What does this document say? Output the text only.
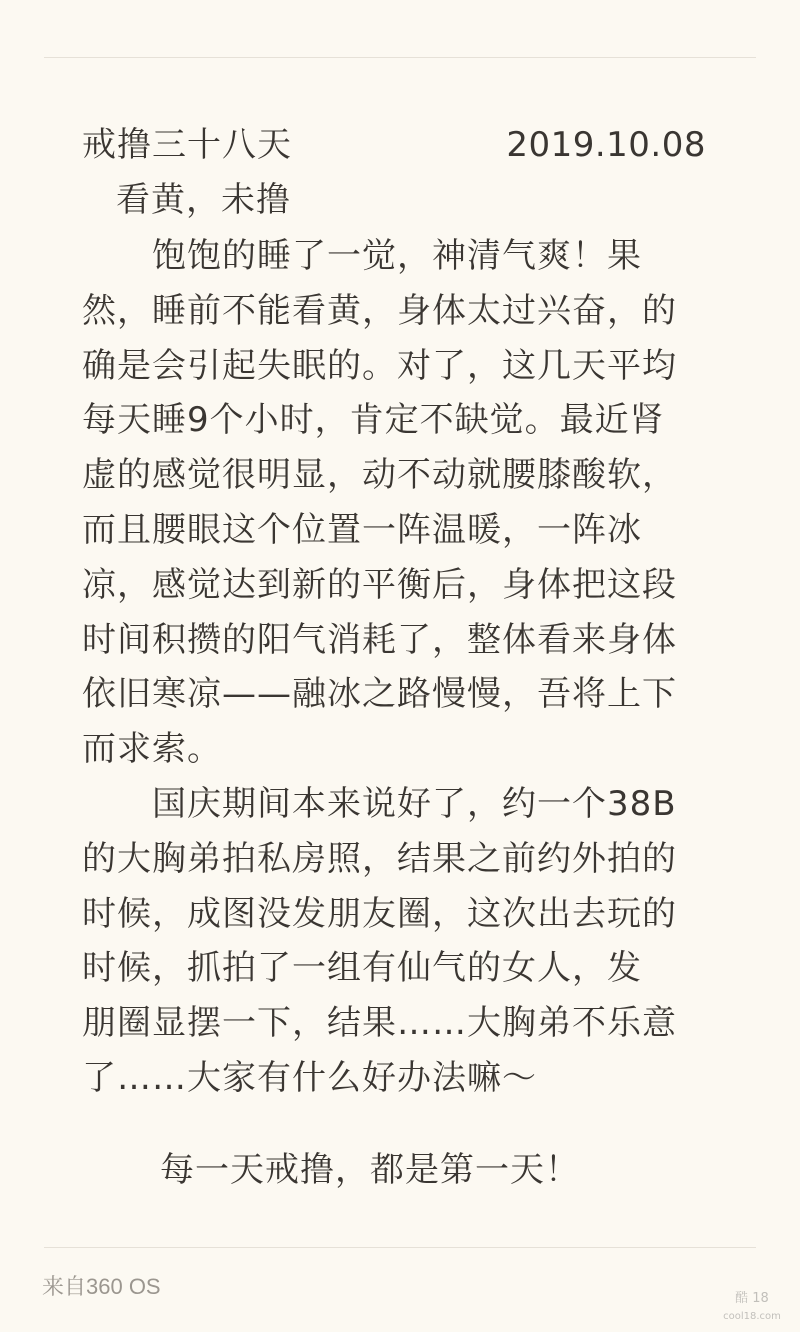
戒撸三十八天	2019.10.08
看黄，未撸

饱饱的睡了一觉，神清气爽！果
然，睡前不能看黄，身体太过兴奋，的
确是会引起失眠的。对了，这几天平均
每天睡9个小时，肯定不缺觉。最近肾
虚的感觉很明显，动不动就腰膝酸软，
而且腰眼这个位置一阵温暖，一阵冰
凉，感觉达到新的平衡后，身体把这段
时间积攒的阳气消耗了，整体看来身体
依旧寒凉——融冰之路慢慢，吾将上下
而求索。

国庆期间本来说好了，约一个38B
的大胸弟拍私房照，结果之前约外拍的
时候，成图没发朋友圈，这次出去玩的
时候，抓拍了一组有仙气的女人，发
朋圈显摆一下，结果……大胸弟不乐意
了……大家有什么好办法嘛～

每一天戒撸，都是第一天！
来自360 OS	酷 18
cool18.com
